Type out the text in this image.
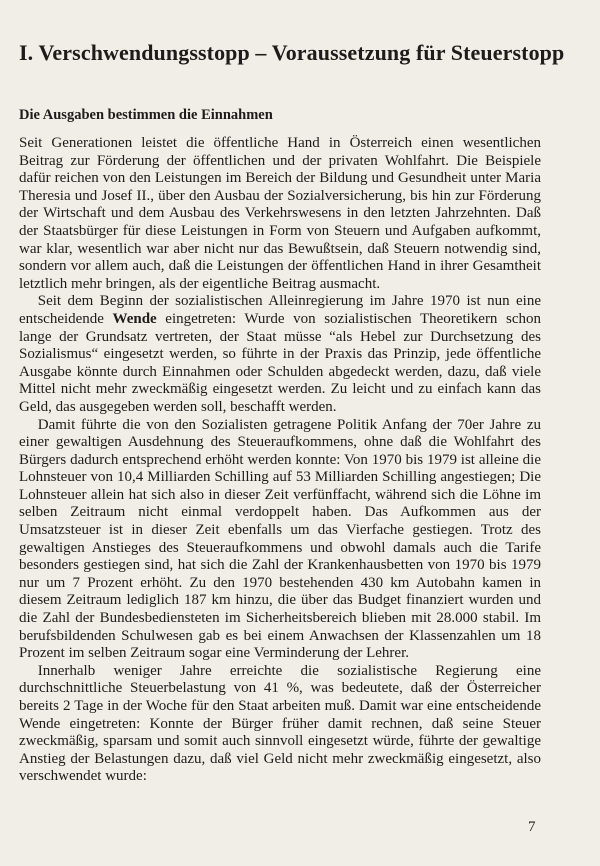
I. Verschwendungsstopp – Voraussetzung für Steuerstopp
Die Ausgaben bestimmen die Einnahmen

Seit Generationen leistet die öffentliche Hand in Österreich einen wesentlichen Beitrag zur Förderung der öffentlichen und der privaten Wohlfahrt. Die Beispiele dafür reichen von den Leistungen im Bereich der Bildung und Gesundheit unter Maria Theresia und Josef II., über den Ausbau der Sozialversicherung, bis hin zur Förderung der Wirtschaft und dem Ausbau des Verkehrswesens in den letzten Jahrzehnten. Daß der Staatsbürger für diese Leistungen in Form von Steuern und Aufgaben aufkommt, war klar, wesentlich war aber nicht nur das Bewußtsein, daß Steuern notwendig sind, sondern vor allem auch, daß die Leistungen der öffentlichen Hand in ihrer Gesamtheit letztlich mehr bringen, als der eigentliche Beitrag ausmacht.

Seit dem Beginn der sozialistischen Alleinregierung im Jahre 1970 ist nun eine entscheidende Wende eingetreten: Wurde von sozialistischen Theoretikern schon lange der Grundsatz vertreten, der Staat müsse “als Hebel zur Durchsetzung des Sozialismus“ eingesetzt werden, so führte in der Praxis das Prinzip, jede öffentliche Ausgabe könnte durch Einnahmen oder Schulden abgedeckt werden, dazu, daß viele Mittel nicht mehr zweckmäßig eingesetzt werden. Zu leicht und zu einfach kann das Geld, das ausgegeben werden soll, beschafft werden.

Damit führte die von den Sozialisten getragene Politik Anfang der 70er Jahre zu einer gewaltigen Ausdehnung des Steueraufkommens, ohne daß die Wohlfahrt des Bürgers dadurch entsprechend erhöht werden konnte: Von 1970 bis 1979 ist alleine die Lohnsteuer von 10,4 Milliarden Schilling auf 53 Milliarden Schilling angestiegen; Die Lohnsteuer allein hat sich also in dieser Zeit verfünffacht, während sich die Löhne im selben Zeitraum nicht einmal verdoppelt haben. Das Aufkommen aus der Umsatzsteuer ist in dieser Zeit ebenfalls um das Vierfache gestiegen. Trotz des gewaltigen Anstieges des Steueraufkommens und obwohl damals auch die Tarife besonders gestiegen sind, hat sich die Zahl der Krankenhausbetten von 1970 bis 1979 nur um 7 Prozent erhöht. Zu den 1970 bestehenden 430 km Autobahn kamen in diesem Zeitraum lediglich 187 km hinzu, die über das Budget finanziert wurden und die Zahl der Bundesbediensteten im Sicherheitsbereich blieben mit 28.000 stabil. Im berufsbildenden Schulwesen gab es bei einem Anwachsen der Klassenzahlen um 18 Prozent im selben Zeitraum sogar eine Verminderung der Lehrer.

Innerhalb weniger Jahre erreichte die sozialistische Regierung eine durchschnittliche Steuerbelastung von 41 %, was bedeutete, daß der Österreicher bereits 2 Tage in der Woche für den Staat arbeiten muß. Damit war eine entscheidende Wende eingetreten: Konnte der Bürger früher damit rechnen, daß seine Steuer zweckmäßig, sparsam und somit auch sinnvoll eingesetzt würde, führte der gewaltige Anstieg der Belastungen dazu, daß viel Geld nicht mehr zweckmäßig eingesetzt, also verschwendet wurde:

7
